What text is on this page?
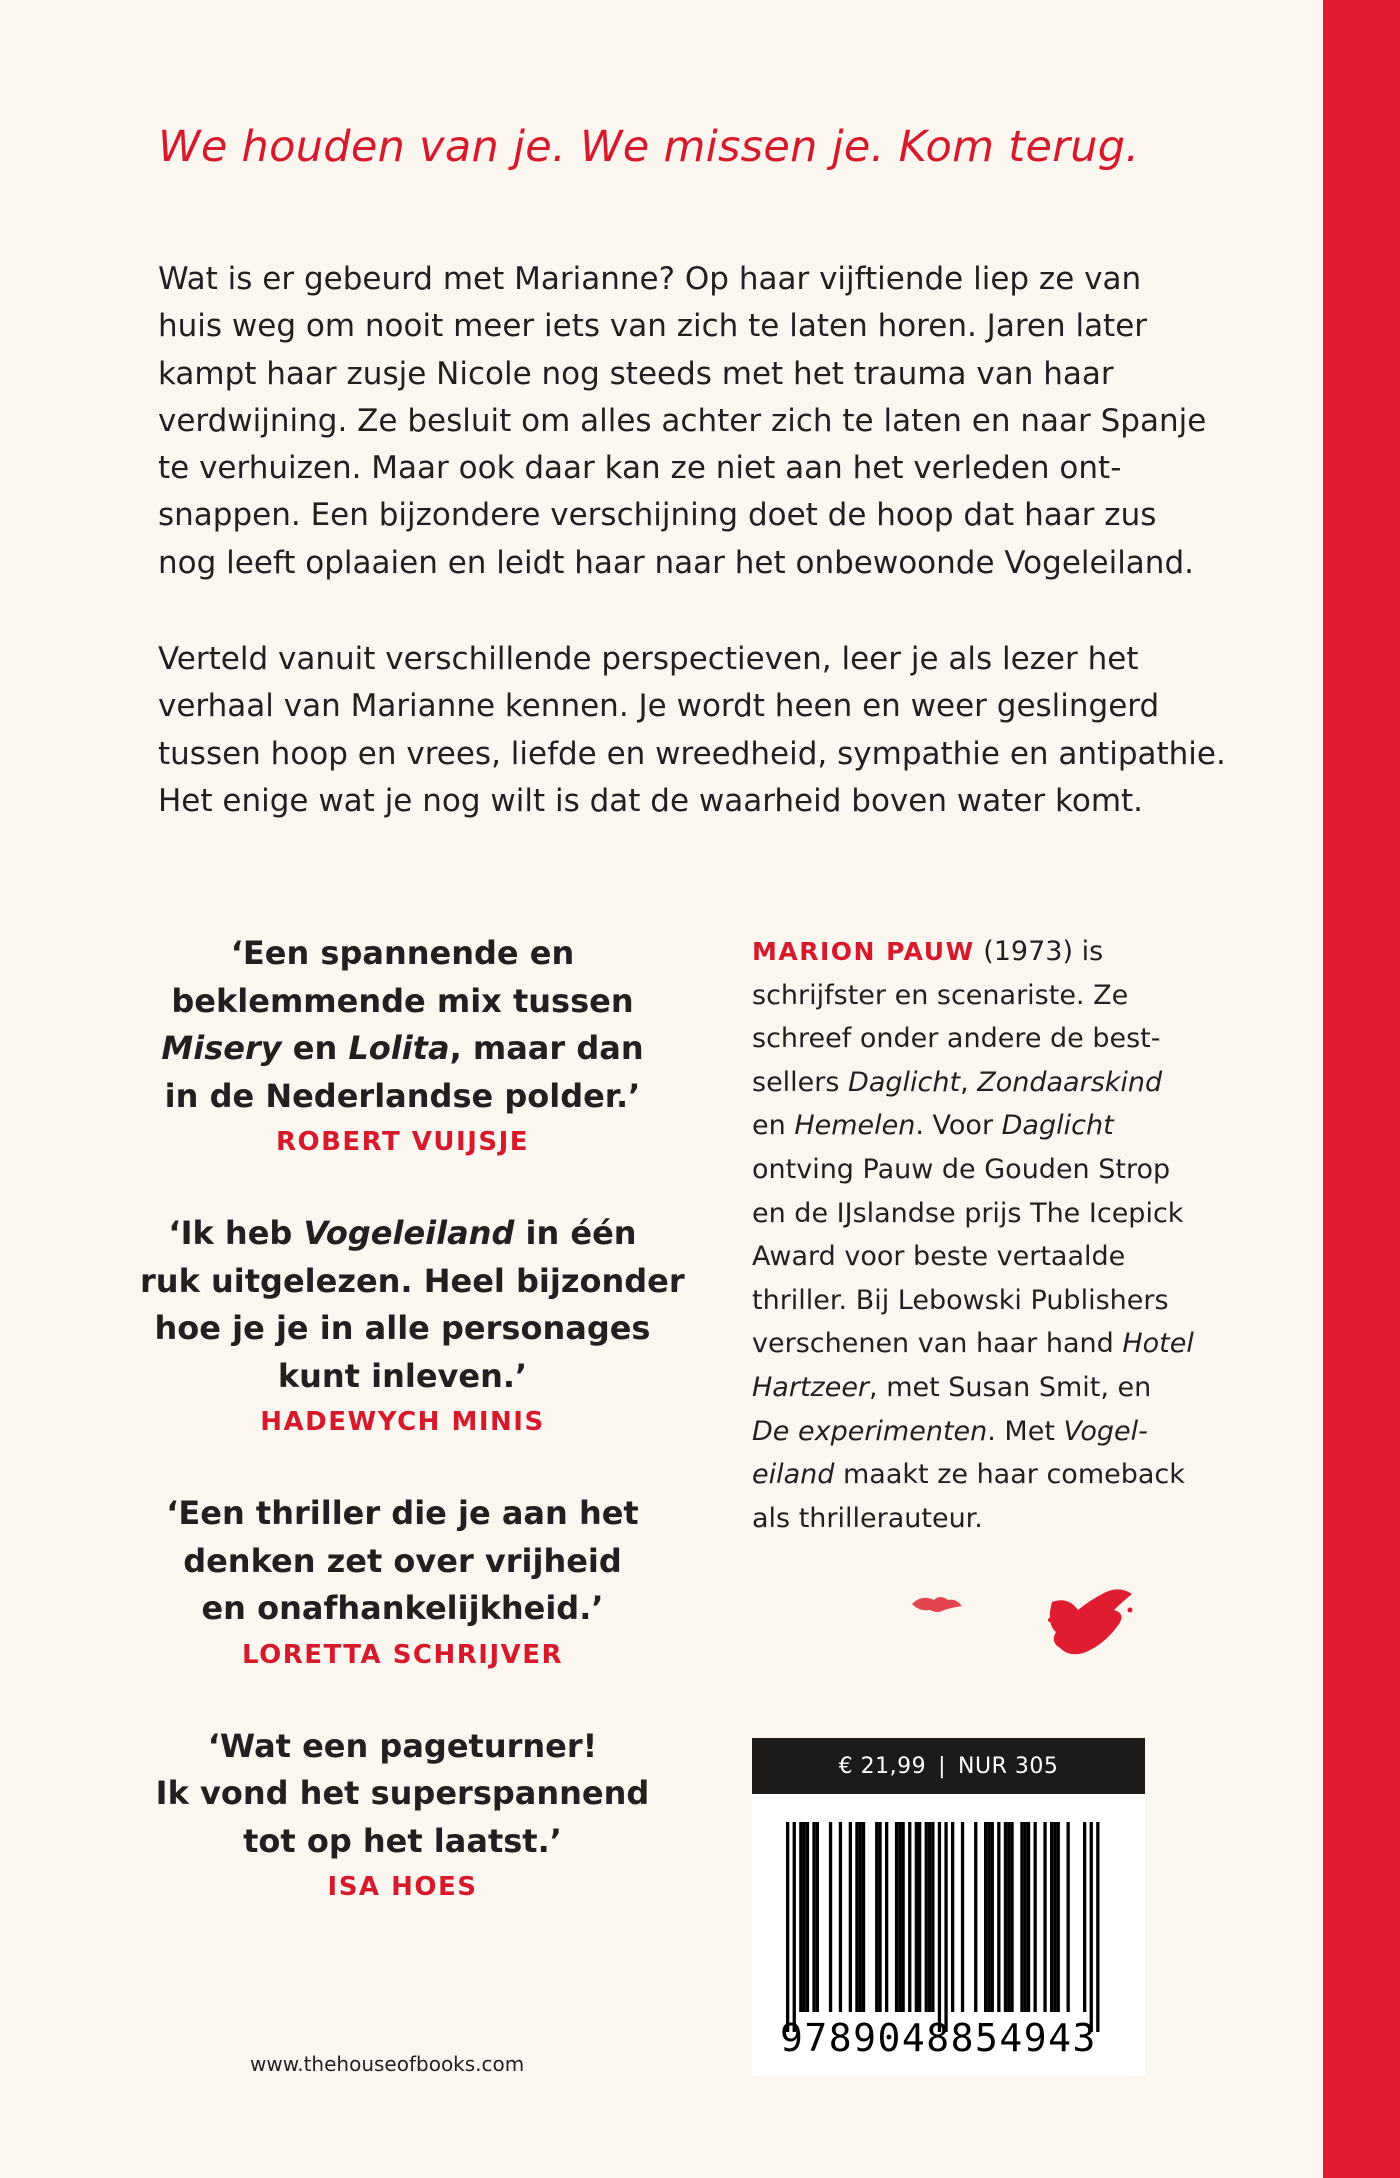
We houden van je. We missen je. Kom terug.
Wat is er gebeurd met Marianne? Op haar vijftiende liep ze van
huis weg om nooit meer iets van zich te laten horen. Jaren later
kampt haar zusje Nicole nog steeds met het trauma van haar
verdwijning. Ze besluit om alles achter zich te laten en naar Spanje
te verhuizen. Maar ook daar kan ze niet aan het verleden ont-
snappen. Een bijzondere verschijning doet de hoop dat haar zus
nog leeft oplaaien en leidt haar naar het onbewoonde Vogeleiland.
Verteld vanuit verschillende perspectieven, leer je als lezer het
verhaal van Marianne kennen. Je wordt heen en weer geslingerd
tussen hoop en vrees, liefde en wreedheid, sympathie en antipathie.
Het enige wat je nog wilt is dat de waarheid boven water komt.
‘Een spannende en
beklemmende mix tussen
Misery en Lolita, maar dan
in de Nederlandse polder.’
ROBERT VUIJSJE
‘Ik heb Vogeleiland in één
ruk uitgelezen. Heel bijzonder
hoe je je in alle personages
kunt inleven.’
HADEWYCH MINIS
‘Een thriller die je aan het
denken zet over vrijheid
en onafhankelijkheid.’
LORETTA SCHRIJVER
‘Wat een pageturner!
Ik vond het superspannend
tot op het laatst.’
ISA HOES
MARION PAUW (1973) is
schrijfster en scenariste. Ze
schreef onder andere de best-
sellers Daglicht, Zondaarskind
en Hemelen. Voor Daglicht
ontving Pauw de Gouden Strop
en de IJslandse prijs The Icepick
Award voor beste vertaalde
thriller. Bij Lebowski Publishers
verschenen van haar hand Hotel
Hartzeer, met Susan Smit, en
De experimenten. Met Vogel-
eiland maakt ze haar comeback
als thrillerauteur.
€ 21,99 | NUR 305
9789048854943
www.thehouseofbooks.com
